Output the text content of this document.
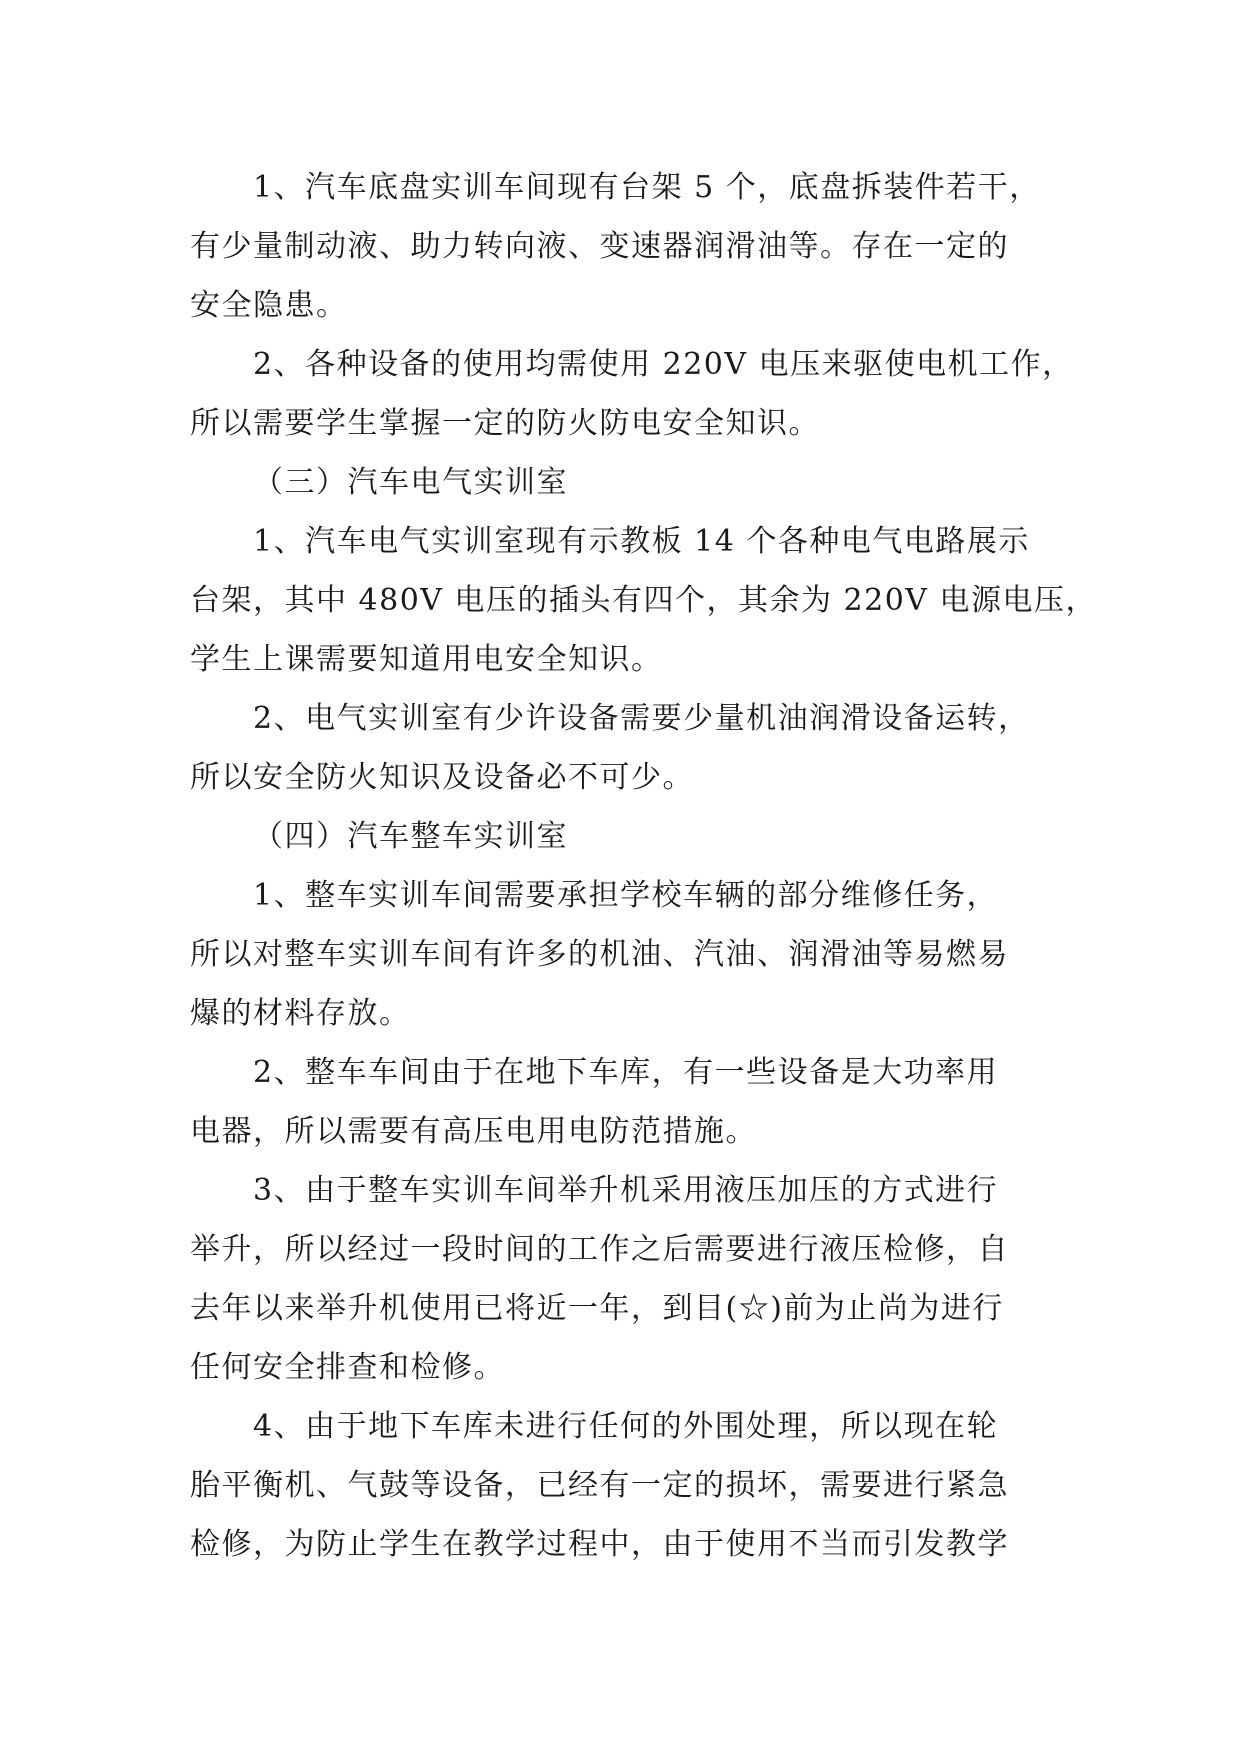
1、汽车底盘实训车间现有台架 5 个，底盘拆装件若干，
有少量制动液、助力转向液、变速器润滑油等。存在一定的
安全隐患。

2、各种设备的使用均需使用 220V 电压来驱使电机工作，
所以需要学生掌握一定的防火防电安全知识。

（三）汽车电气实训室

1、汽车电气实训室现有示教板 14 个各种电气电路展示
台架，其中 480V 电压的插头有四个，其余为 220V 电源电压，
学生上课需要知道用电安全知识。

2、电气实训室有少许设备需要少量机油润滑设备运转，
所以安全防火知识及设备必不可少。

（四）汽车整车实训室

1、整车实训车间需要承担学校车辆的部分维修任务，
所以对整车实训车间有许多的机油、汽油、润滑油等易燃易
爆的材料存放。

2、整车车间由于在地下车库，有一些设备是大功率用
电器，所以需要有高压电用电防范措施。

3、由于整车实训车间举升机采用液压加压的方式进行
举升，所以经过一段时间的工作之后需要进行液压检修，自
去年以来举升机使用已将近一年，到目(☆)前为止尚为进行
任何安全排查和检修。

4、由于地下车库未进行任何的外围处理，所以现在轮
胎平衡机、气鼓等设备，已经有一定的损坏，需要进行紧急
检修，为防止学生在教学过程中，由于使用不当而引发教学
